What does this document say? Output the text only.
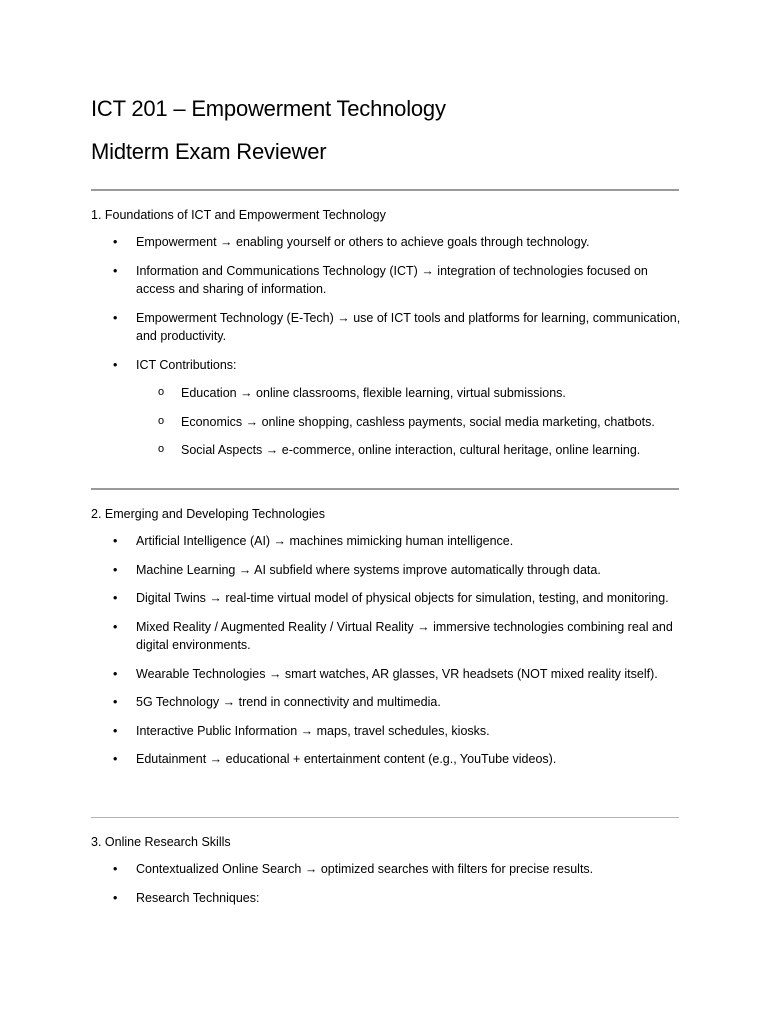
ICT 201 – Empowerment Technology
Midterm Exam Reviewer
1. Foundations of ICT and Empowerment Technology
• Empowerment → enabling yourself or others to achieve goals through technology.
• Information and Communications Technology (ICT) → integration of technologies focused on access and sharing of information.
• Empowerment Technology (E-Tech) → use of ICT tools and platforms for learning, communication, and productivity.
• ICT Contributions:
o Education → online classrooms, flexible learning, virtual submissions.
o Economics → online shopping, cashless payments, social media marketing, chatbots.
o Social Aspects → e-commerce, online interaction, cultural heritage, online learning.
2. Emerging and Developing Technologies
• Artificial Intelligence (AI) → machines mimicking human intelligence.
• Machine Learning → AI subfield where systems improve automatically through data.
• Digital Twins → real-time virtual model of physical objects for simulation, testing, and monitoring.
• Mixed Reality / Augmented Reality / Virtual Reality → immersive technologies combining real and digital environments.
• Wearable Technologies → smart watches, AR glasses, VR headsets (NOT mixed reality itself).
• 5G Technology → trend in connectivity and multimedia.
• Interactive Public Information → maps, travel schedules, kiosks.
• Edutainment → educational + entertainment content (e.g., YouTube videos).
3. Online Research Skills
• Contextualized Online Search → optimized searches with filters for precise results.
• Research Techniques:
